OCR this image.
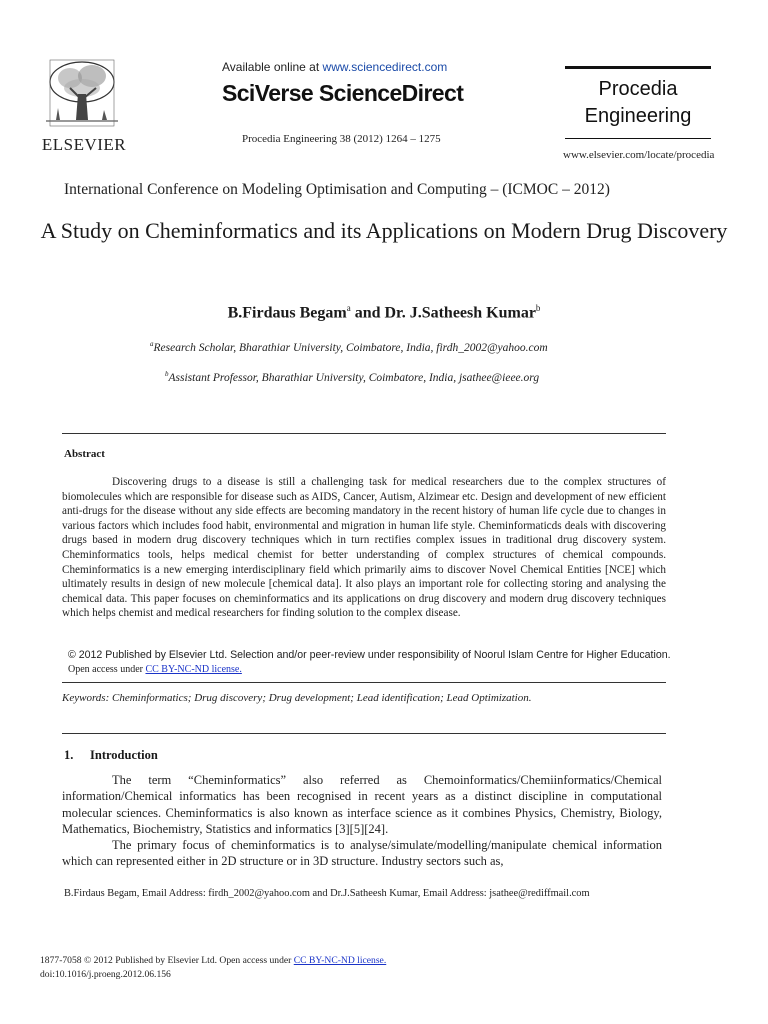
ELSEVIER
Available online at www.sciencedirect.com
SciVerse ScienceDirect
Procedia Engineering 38 (2012) 1264 – 1275
Procedia
Engineering
www.elsevier.com/locate/procedia
International Conference on Modeling Optimisation and Computing – (ICMOC – 2012)
A Study on Cheminformatics and its Applications on Modern Drug Discovery
B.Firdaus Begam$^a$ and Dr. J.Satheesh Kumar$^b$
$^a$Research Scholar, Bharathiar University, Coimbatore, India, firdh_2002@yahoo.com
$^b$Assistant Professor, Bharathiar University, Coimbatore, India, jsathee@ieee.org
Abstract
Discovering drugs to a disease is still a challenging task for medical researchers due to the complex structures of biomolecules which are responsible for disease such as AIDS, Cancer, Autism, Alzimear etc. Design and development of new efficient anti-drugs for the disease without any side effects are becoming mandatory in the recent history of human life cycle due to changes in various factors which includes food habit, environmental and migration in human life style. Cheminformaticds deals with discovering drugs based in modern drug discovery techniques which in turn rectifies complex issues in traditional drug discovery system. Cheminformatics tools, helps medical chemist for better understanding of complex structures of chemical compounds. Cheminformatics is a new emerging interdisciplinary field which primarily aims to discover Novel Chemical Entities [NCE] which ultimately results in design of new molecule [chemical data]. It also plays an important role for collecting storing and analysing the chemical data. This paper focuses on cheminformatics and its applications on drug discovery and modern drug discovery techniques which helps chemist and medical researchers for finding solution to the complex disease.
© 2012 Published by Elsevier Ltd. Selection and/or peer-review under responsibility of Noorul Islam Centre for Higher Education.
Open access under CC BY-NC-ND license.
Keywords: Cheminformatics; Drug discovery; Drug development; Lead identification; Lead Optimization.
1. Introduction

The term “Cheminformatics” also referred as Chemoinformatics/Chemiinformatics/Chemical information/Chemical informatics has been recognised in recent years as a distinct discipline in computational molecular sciences. Cheminformatics is also known as interface science as it combines Physics, Chemistry, Biology, Mathematics, Biochemistry, Statistics and informatics [3][5][24].

The primary focus of cheminformatics is to analyse/simulate/modelling/manipulate chemical information which can represented either in 2D structure or in 3D structure. Industry sectors such as,

B.Firdaus Begam, Email Address: firdh_2002@yahoo.com and Dr.J.Satheesh Kumar, Email Address: jsathee@rediffmail.com
1877-7058 © 2012 Published by Elsevier Ltd. Open access under CC BY-NC-ND license.
doi:10.1016/j.proeng.2012.06.156
